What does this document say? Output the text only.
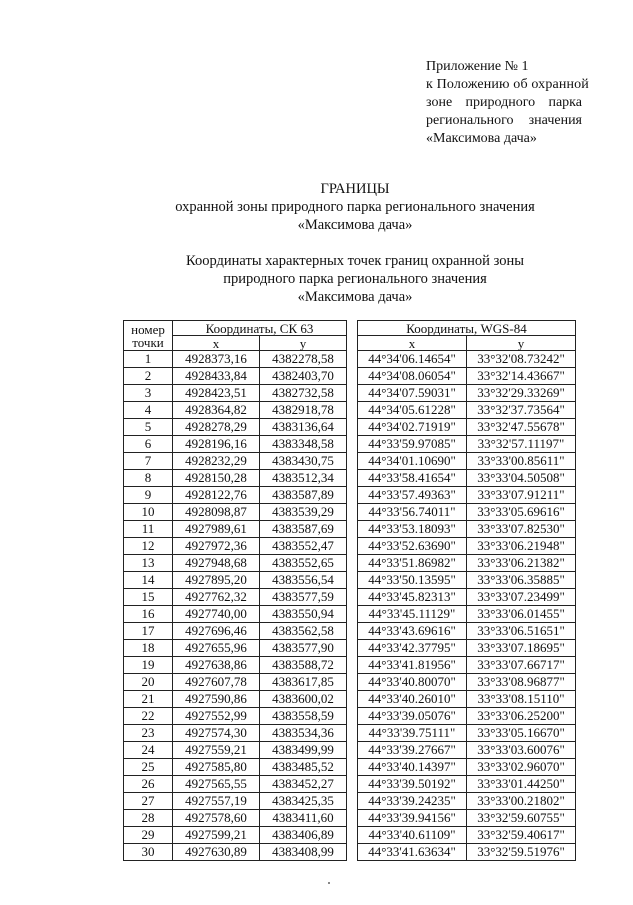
Приложение № 1
к Положению об охранной
зоне природного парка
регионального значения
«Максимова дача»
ГРАНИЦЫ
охранной зоны природного парка регионального значения
«Максимова дача»
Координаты характерных точек границ охранной зоны
природного парка регионального значения
«Максимова дача»
номер
точки	Координаты, СК 63			Координаты, WGS-84	
	x	y		x	y
1	4928373,16	4382278,58		44°34'06.14654"	33°32'08.73242"
2	4928433,84	4382403,70		44°34'08.06054"	33°32'14.43667"
3	4928423,51	4382732,58		44°34'07.59031"	33°32'29.33269"
4	4928364,82	4382918,78		44°34'05.61228"	33°32'37.73564"
5	4928278,29	4383136,64		44°34'02.71919"	33°32'47.55678"
6	4928196,16	4383348,58		44°33'59.97085"	33°32'57.11197"
7	4928232,29	4383430,75		44°34'01.10690"	33°33'00.85611"
8	4928150,28	4383512,34		44°33'58.41654"	33°33'04.50508"
9	4928122,76	4383587,89		44°33'57.49363"	33°33'07.91211"
10	4928098,87	4383539,29		44°33'56.74011"	33°33'05.69616"
11	4927989,61	4383587,69		44°33'53.18093"	33°33'07.82530"
12	4927972,36	4383552,47		44°33'52.63690"	33°33'06.21948"
13	4927948,68	4383552,65		44°33'51.86982"	33°33'06.21382"
14	4927895,20	4383556,54		44°33'50.13595"	33°33'06.35885"
15	4927762,32	4383577,59		44°33'45.82313"	33°33'07.23499"
16	4927740,00	4383550,94		44°33'45.11129"	33°33'06.01455"
17	4927696,46	4383562,58		44°33'43.69616"	33°33'06.51651"
18	4927655,96	4383577,90		44°33'42.37795"	33°33'07.18695"
19	4927638,86	4383588,72		44°33'41.81956"	33°33'07.66717"
20	4927607,78	4383617,85		44°33'40.80070"	33°33'08.96877"
21	4927590,86	4383600,02		44°33'40.26010"	33°33'08.15110"
22	4927552,99	4383558,59		44°33'39.05076"	33°33'06.25200"
23	4927574,30	4383534,36		44°33'39.75111"	33°33'05.16670"
24	4927559,21	4383499,99		44°33'39.27667"	33°33'03.60076"
25	4927585,80	4383485,52		44°33'40.14397"	33°33'02.96070"
26	4927565,55	4383452,27		44°33'39.50192"	33°33'01.44250"
27	4927557,19	4383425,35		44°33'39.24235"	33°33'00.21802"
28	4927578,60	4383411,60		44°33'39.94156"	33°32'59.60755"
29	4927599,21	4383406,89		44°33'40.61109"	33°32'59.40617"
30	4927630,89	4383408,99		44°33'41.63634"	33°32'59.51976"
